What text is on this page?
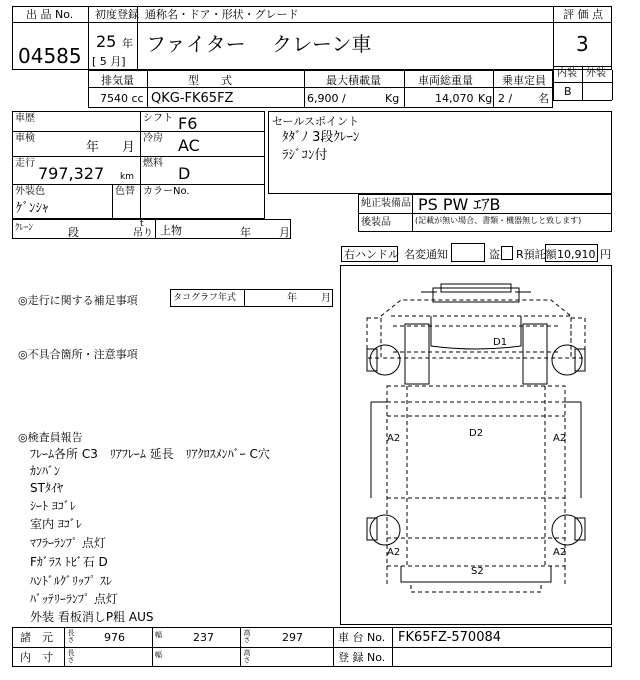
出 品 No.
04585
初度登録
25 年
[ 5 月]
通称名・ドア・形状・グレード
ファイター　 クレーン車
評 価 点
3
内装 外装
B
排気量	型　　式	最大積載量	車両総重量	乗車定員
7540 cc QKG-FK65FZ	6,900 /	Kg	14,070 Kg 2 / 名
車歴	シフト F6
車検
年 月
冷房 AC
走行
797,327 km
燃料
D
外装色
ｹﾞﾝｼｬ
色替 カラーNo.
セールスポイント
ﾀﾀﾞﾉ 3段ｸﾚｰﾝ
ﾗｼﾞｺﾝ付
純正装備品 PS PW ｴｱB
後装品	(記載が無い場合、書類・機器無しと致します)
ｸﾚｰﾝ	段
t
吊り 上物	年	月
右ハンドル 名変通知	盗 R預託額 10,910 円
◎走行に関する補足事項	タコグラフ年式	年 月
◎不具合箇所・注意事項
◎検査員報告
ﾌﾚｰﾑ各所 C3　ﾘｱﾌﾚｰﾑ 延長　ﾘｱｸﾛｽﾒﾝﾊﾞｰ C穴
ｶﾝﾊﾞﾝ
STﾀｲﾔ
ｼｰﾄ ﾖｺﾞﾚ
室内 ﾖｺﾞﾚ
ﾏﾌﾗｰﾗﾝﾌﾟ 点灯
Fｶﾞﾗｽ ﾄﾋﾞ石 D
ﾊﾝﾄﾞﾙｸﾞﾘｯﾌﾟ ｽﾚ
ﾊﾞｯﾃﾘｰﾗﾝﾌﾟ 点灯
外装 看板消しP粗 AUS
D1
A2	D2	A2
A2
S2
A2
諸　元 長さ	976	幅	237	高さ	297	車 台 No. FK65FZ-570084
内　寸 長さ	幅	高さ	登 録 No.
